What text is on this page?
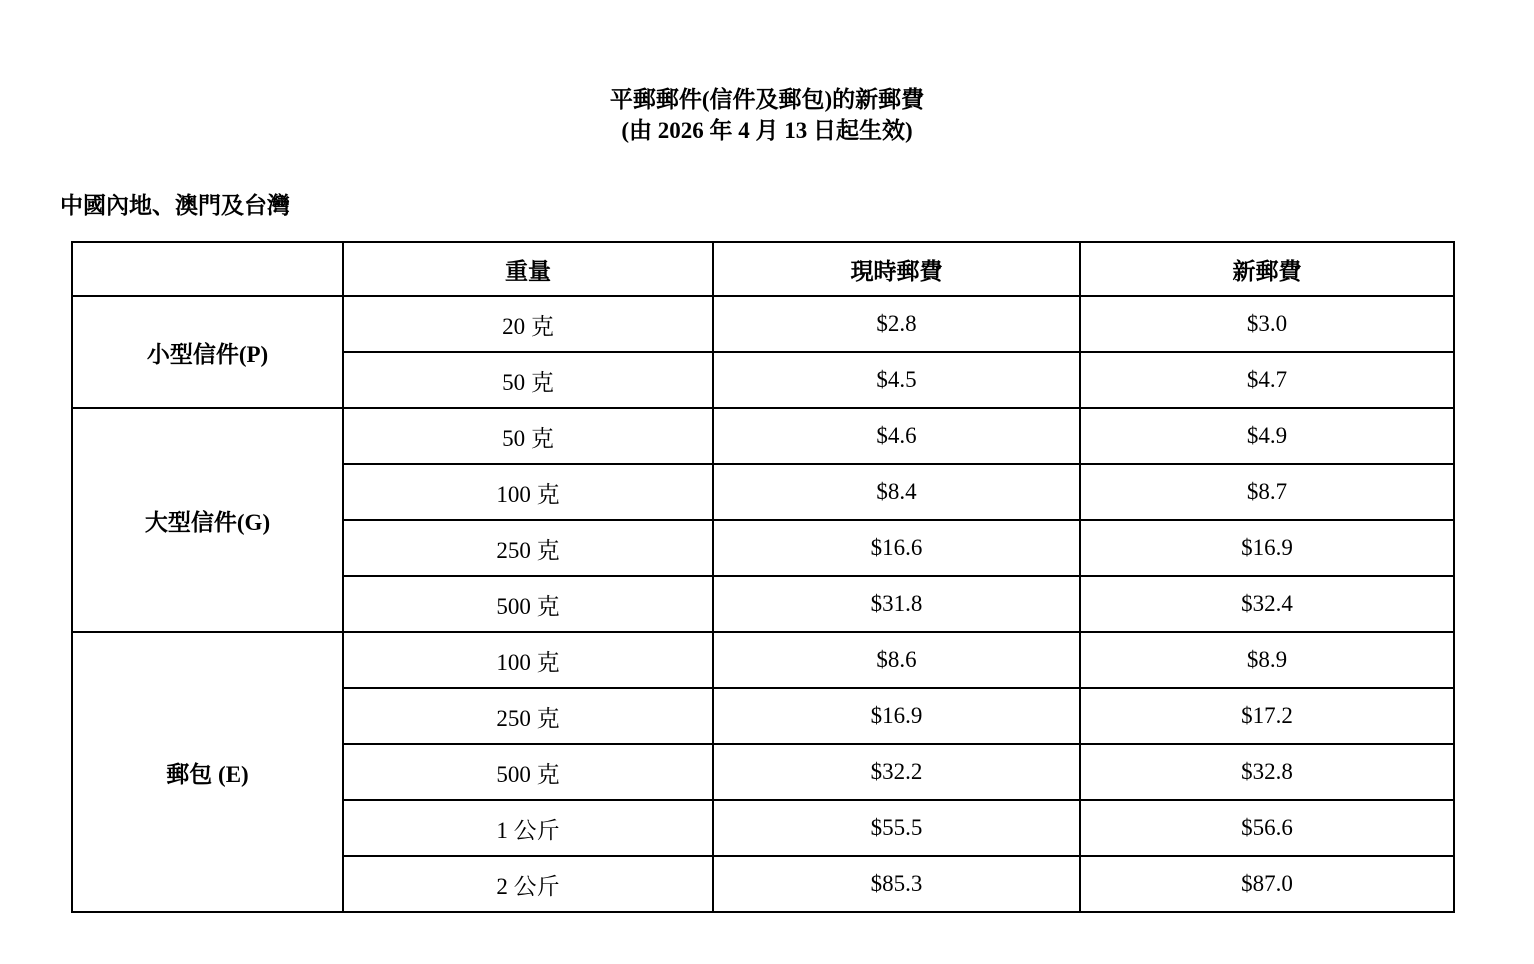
平郵郵件(信件及郵包)的新郵費
(由 2026 年 4 月 13 日起生效)
中國內地、澳門及台灣
	重量	現時郵費	新郵費
小型信件(P)	20 克	$2.8	$3.0
	50 克	$4.5	$4.7
大型信件(G)	50 克	$4.6	$4.9
	100 克	$8.4	$8.7
	250 克	$16.6	$16.9
	500 克	$31.8	$32.4
郵包 (E)	100 克	$8.6	$8.9
	250 克	$16.9	$17.2
	500 克	$32.2	$32.8
	1 公斤	$55.5	$56.6
	2 公斤	$85.3	$87.0
